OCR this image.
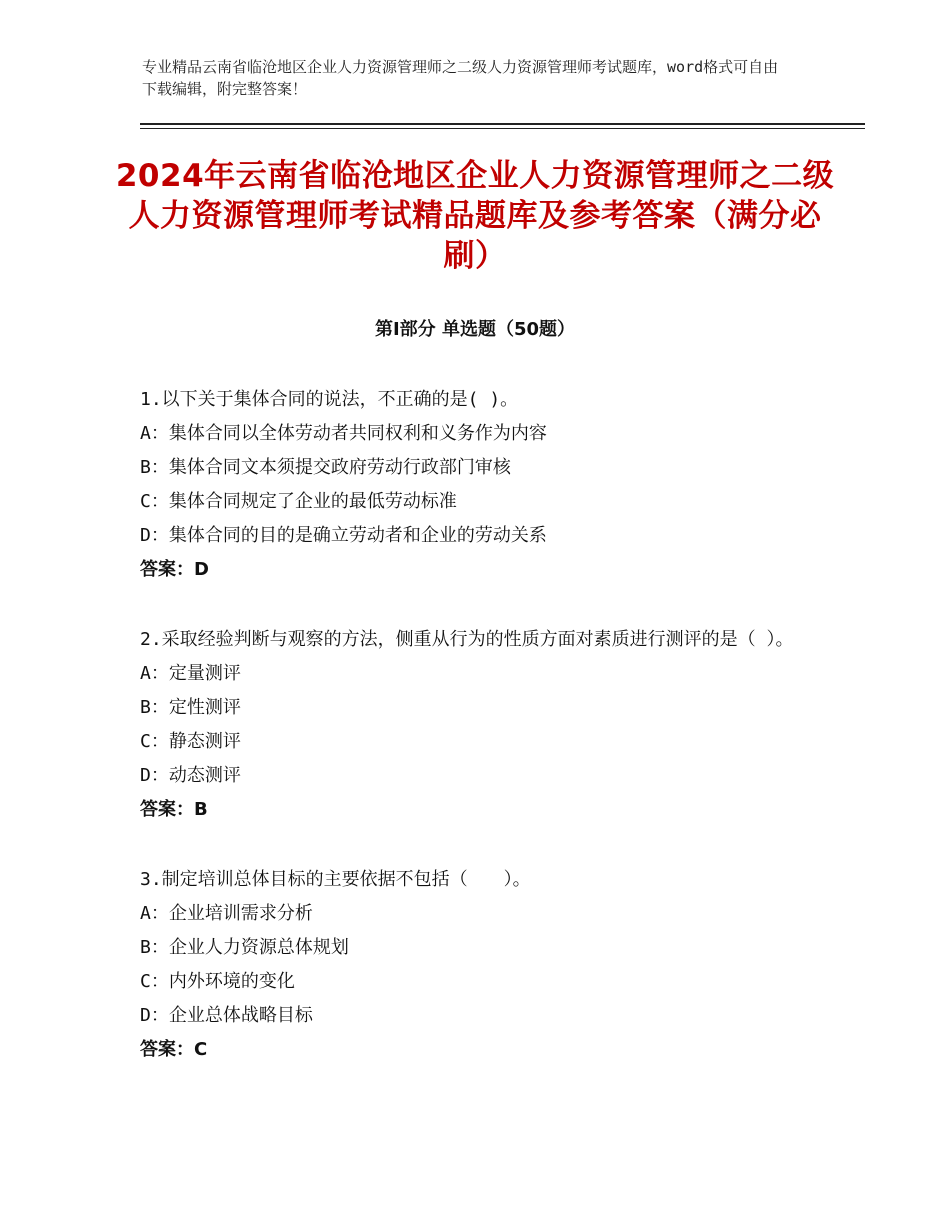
专业精品云南省临沧地区企业人力资源管理师之二级人力资源管理师考试题库，word格式可自由下载编辑，附完整答案！
2024年云南省临沧地区企业人力资源管理师之二级人力资源管理师考试精品题库及参考答案（满分必刷）
第Ⅰ部分 单选题（50题）
1.以下关于集体合同的说法，不正确的是( )。
A：集体合同以全体劳动者共同权利和义务作为内容
B：集体合同文本须提交政府劳动行政部门审核
C：集体合同规定了企业的最低劳动标准
D：集体合同的目的是确立劳动者和企业的劳动关系
答案：D
2.采取经验判断与观察的方法，侧重从行为的性质方面对素质进行测评的是（ ）。
A：定量测评
B：定性测评
C：静态测评
D：动态测评
答案：B
3.制定培训总体目标的主要依据不包括（　　）。
A：企业培训需求分析
B：企业人力资源总体规划
C：内外环境的变化
D：企业总体战略目标
答案：C
